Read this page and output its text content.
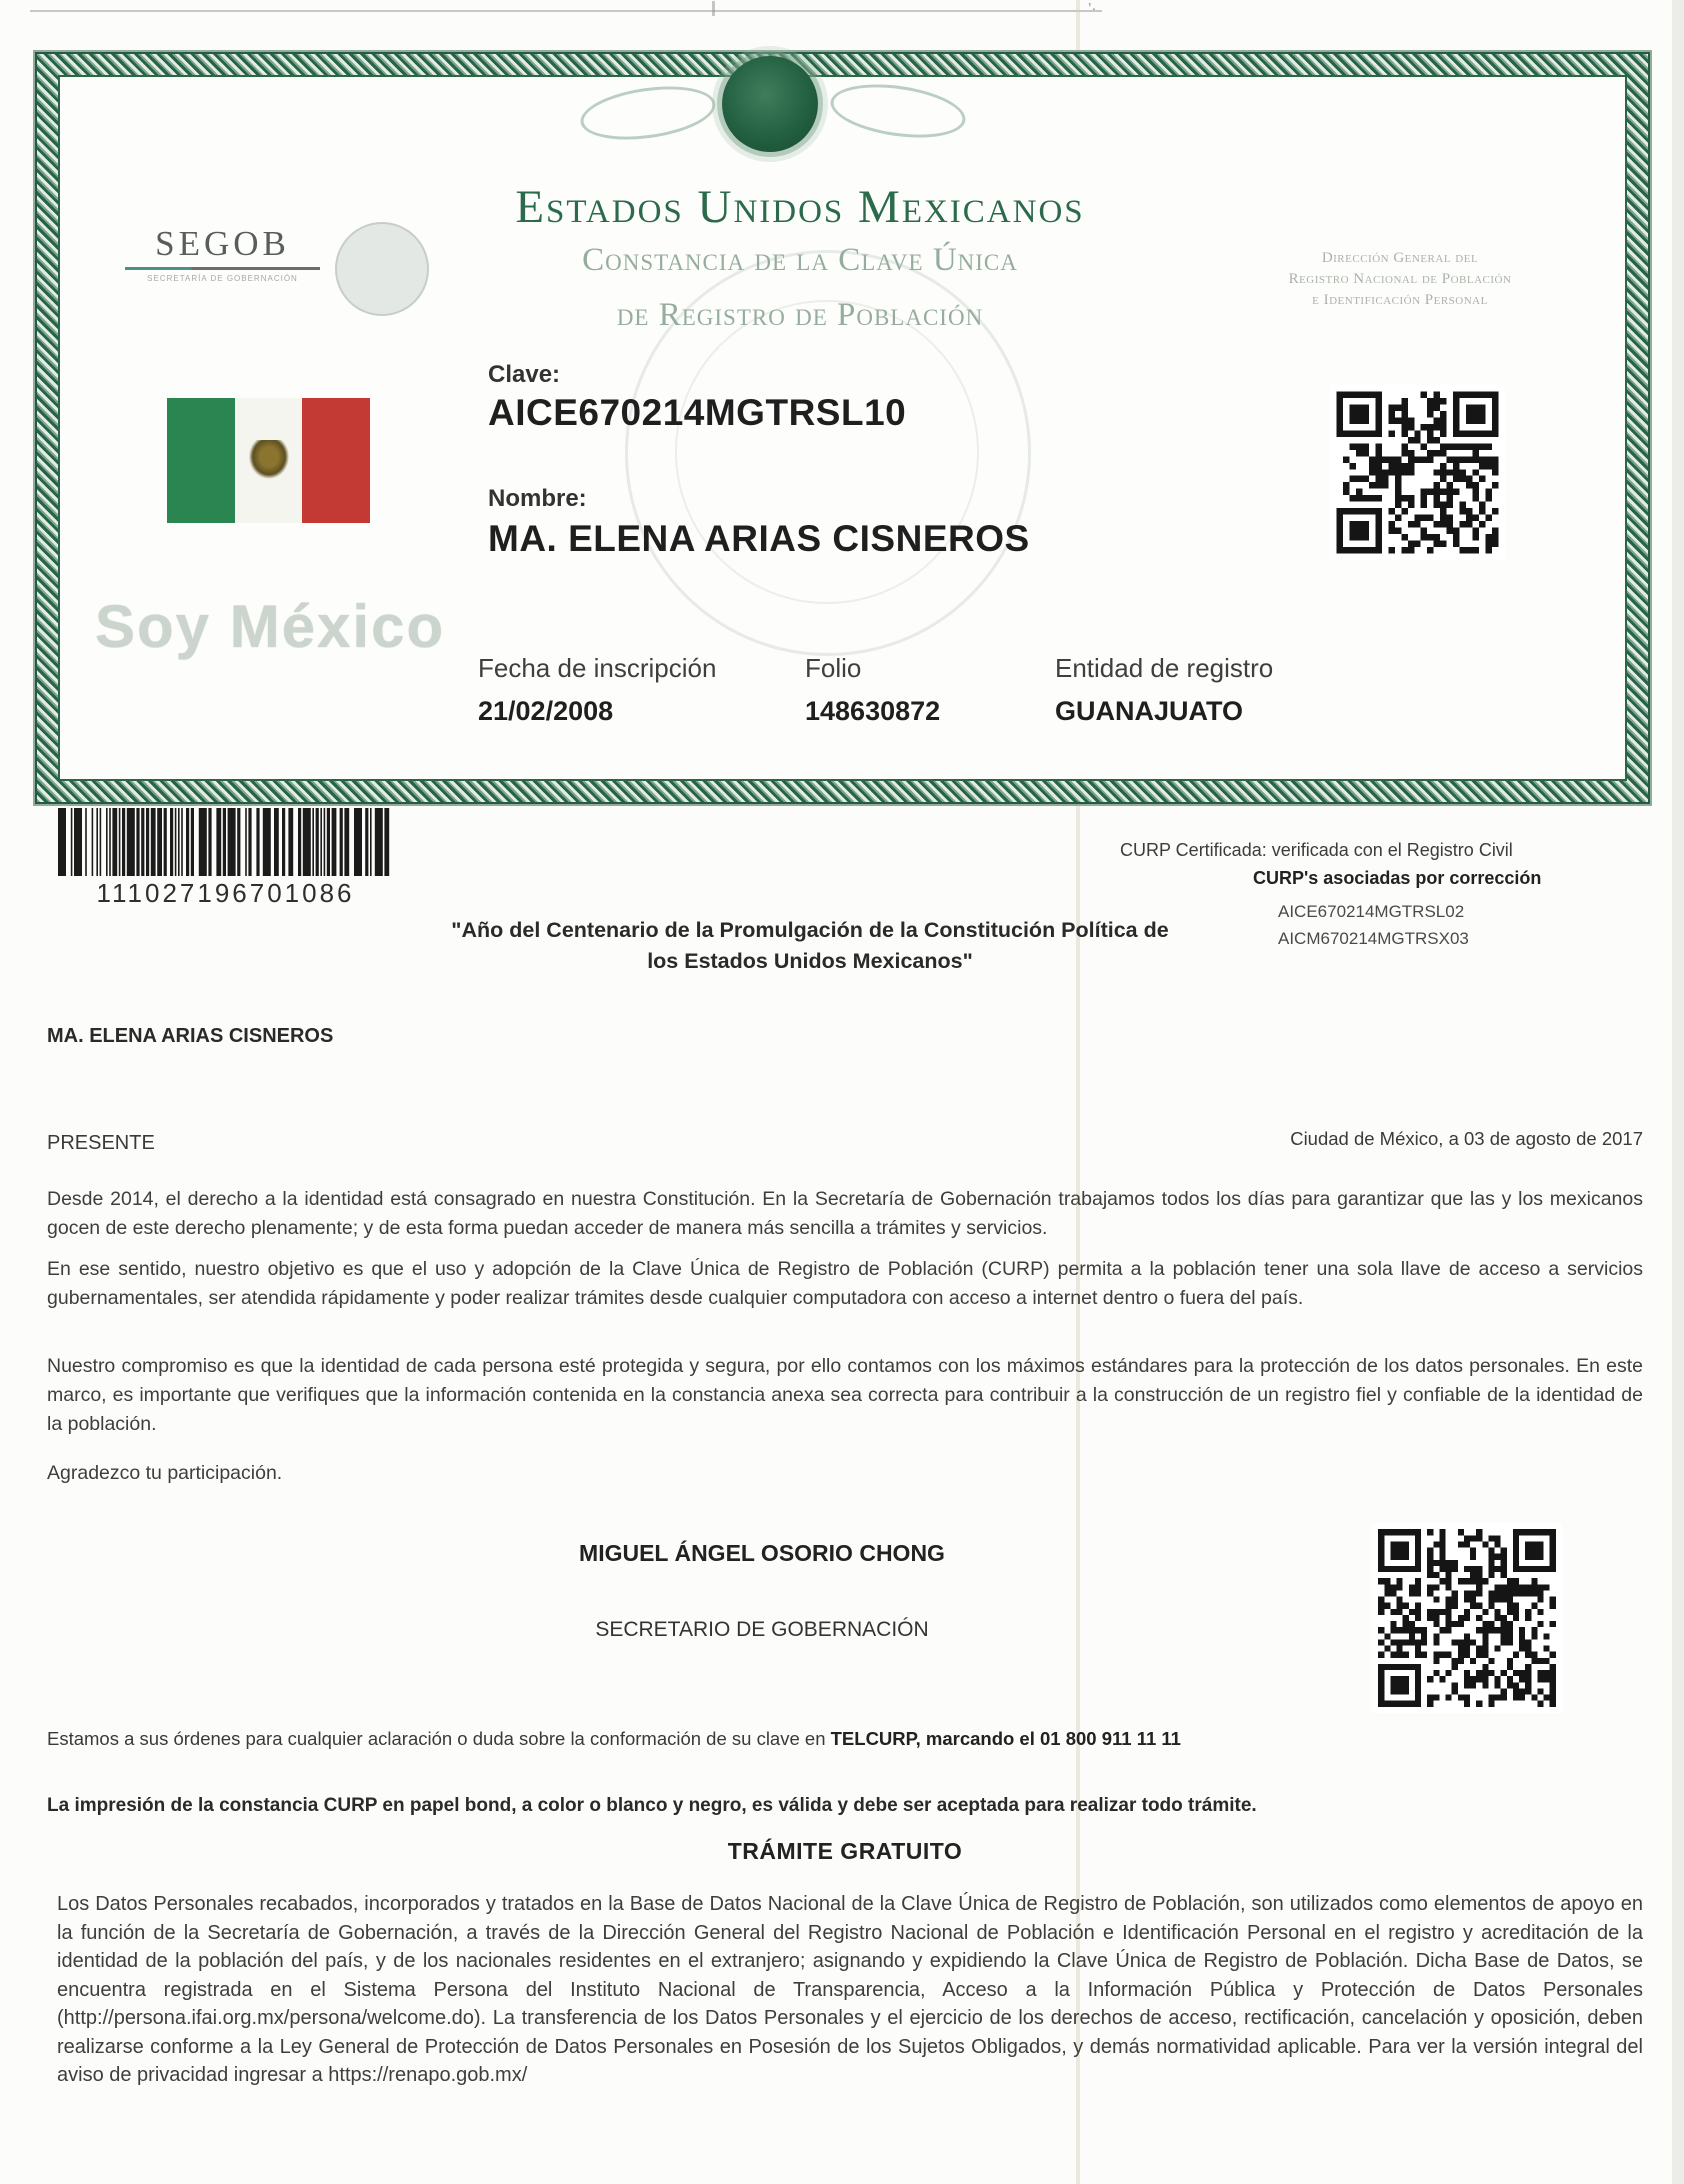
’·
SEGOB
SECRETARÍA DE GOBERNACIÓN
Estados Unidos Mexicanos
Constancia de la Clave Única
de Registro de Población
Dirección General del
Registro Nacional de Población
e Identificación Personal
Soy México
Clave:
AICE670214MGTRSL10
Nombre:
MA. ELENA ARIAS CISNEROS
Fecha de inscripción
21/02/2008
Folio
148630872
Entidad de registro
GUANAJUATO
111027196701086
CURP Certificada: verificada con el Registro Civil
CURP's asociadas por corrección
AICE670214MGTRSL02
AICM670214MGTRSX03
"Año del Centenario de la Promulgación de la Constitución Política de
los Estados Unidos Mexicanos"
MA. ELENA ARIAS CISNEROS
PRESENTE	Ciudad de México, a 03 de agosto de 2017
Desde 2014, el derecho a la identidad está consagrado en nuestra Constitución. En la Secretaría de Gobernación trabajamos todos los días para garantizar que las y los mexicanos gocen de este derecho plenamente; y de esta forma puedan acceder de manera más sencilla a trámites y servicios.
En ese sentido, nuestro objetivo es que el uso y adopción de la Clave Única de Registro de Población (CURP) permita a la población tener una sola llave de acceso a servicios gubernamentales, ser atendida rápidamente y poder realizar trámites desde cualquier computadora con acceso a internet dentro o fuera del país.
Nuestro compromiso es que la identidad de cada persona esté protegida y segura, por ello contamos con los máximos estándares para la protección de los datos personales. En este marco, es importante que verifiques que la información contenida en la constancia anexa sea correcta para contribuir a la construcción de un registro fiel y confiable de la identidad de la población.
Agradezco tu participación.
MIGUEL ÁNGEL OSORIO CHONG
SECRETARIO DE GOBERNACIÓN
Estamos a sus órdenes para cualquier aclaración o duda sobre la conformación de su clave en TELCURP, marcando el 01 800 911 11 11
La impresión de la constancia CURP en papel bond, a color o blanco y negro, es válida y debe ser aceptada para realizar todo trámite.
TRÁMITE GRATUITO
Los Datos Personales recabados, incorporados y tratados en la Base de Datos Nacional de la Clave Única de Registro de Población, son utilizados como elementos de apoyo en la función de la Secretaría de Gobernación, a través de la Dirección General del Registro Nacional de Población e Identificación Personal en el registro y acreditación de la identidad de la población del país, y de los nacionales residentes en el extranjero; asignando y expidiendo la Clave Única de Registro de Población. Dicha Base de Datos, se encuentra registrada en el Sistema Persona del Instituto Nacional de Transparencia, Acceso a la Información Pública y Protección de Datos Personales (http://persona.ifai.org.mx/persona/welcome.do). La transferencia de los Datos Personales y el ejercicio de los derechos de acceso, rectificación, cancelación y oposición, deben realizarse conforme a la Ley General de Protección de Datos Personales en Posesión de los Sujetos Obligados, y demás normatividad aplicable. Para ver la versión integral del aviso de privacidad ingresar a https://renapo.gob.mx/
